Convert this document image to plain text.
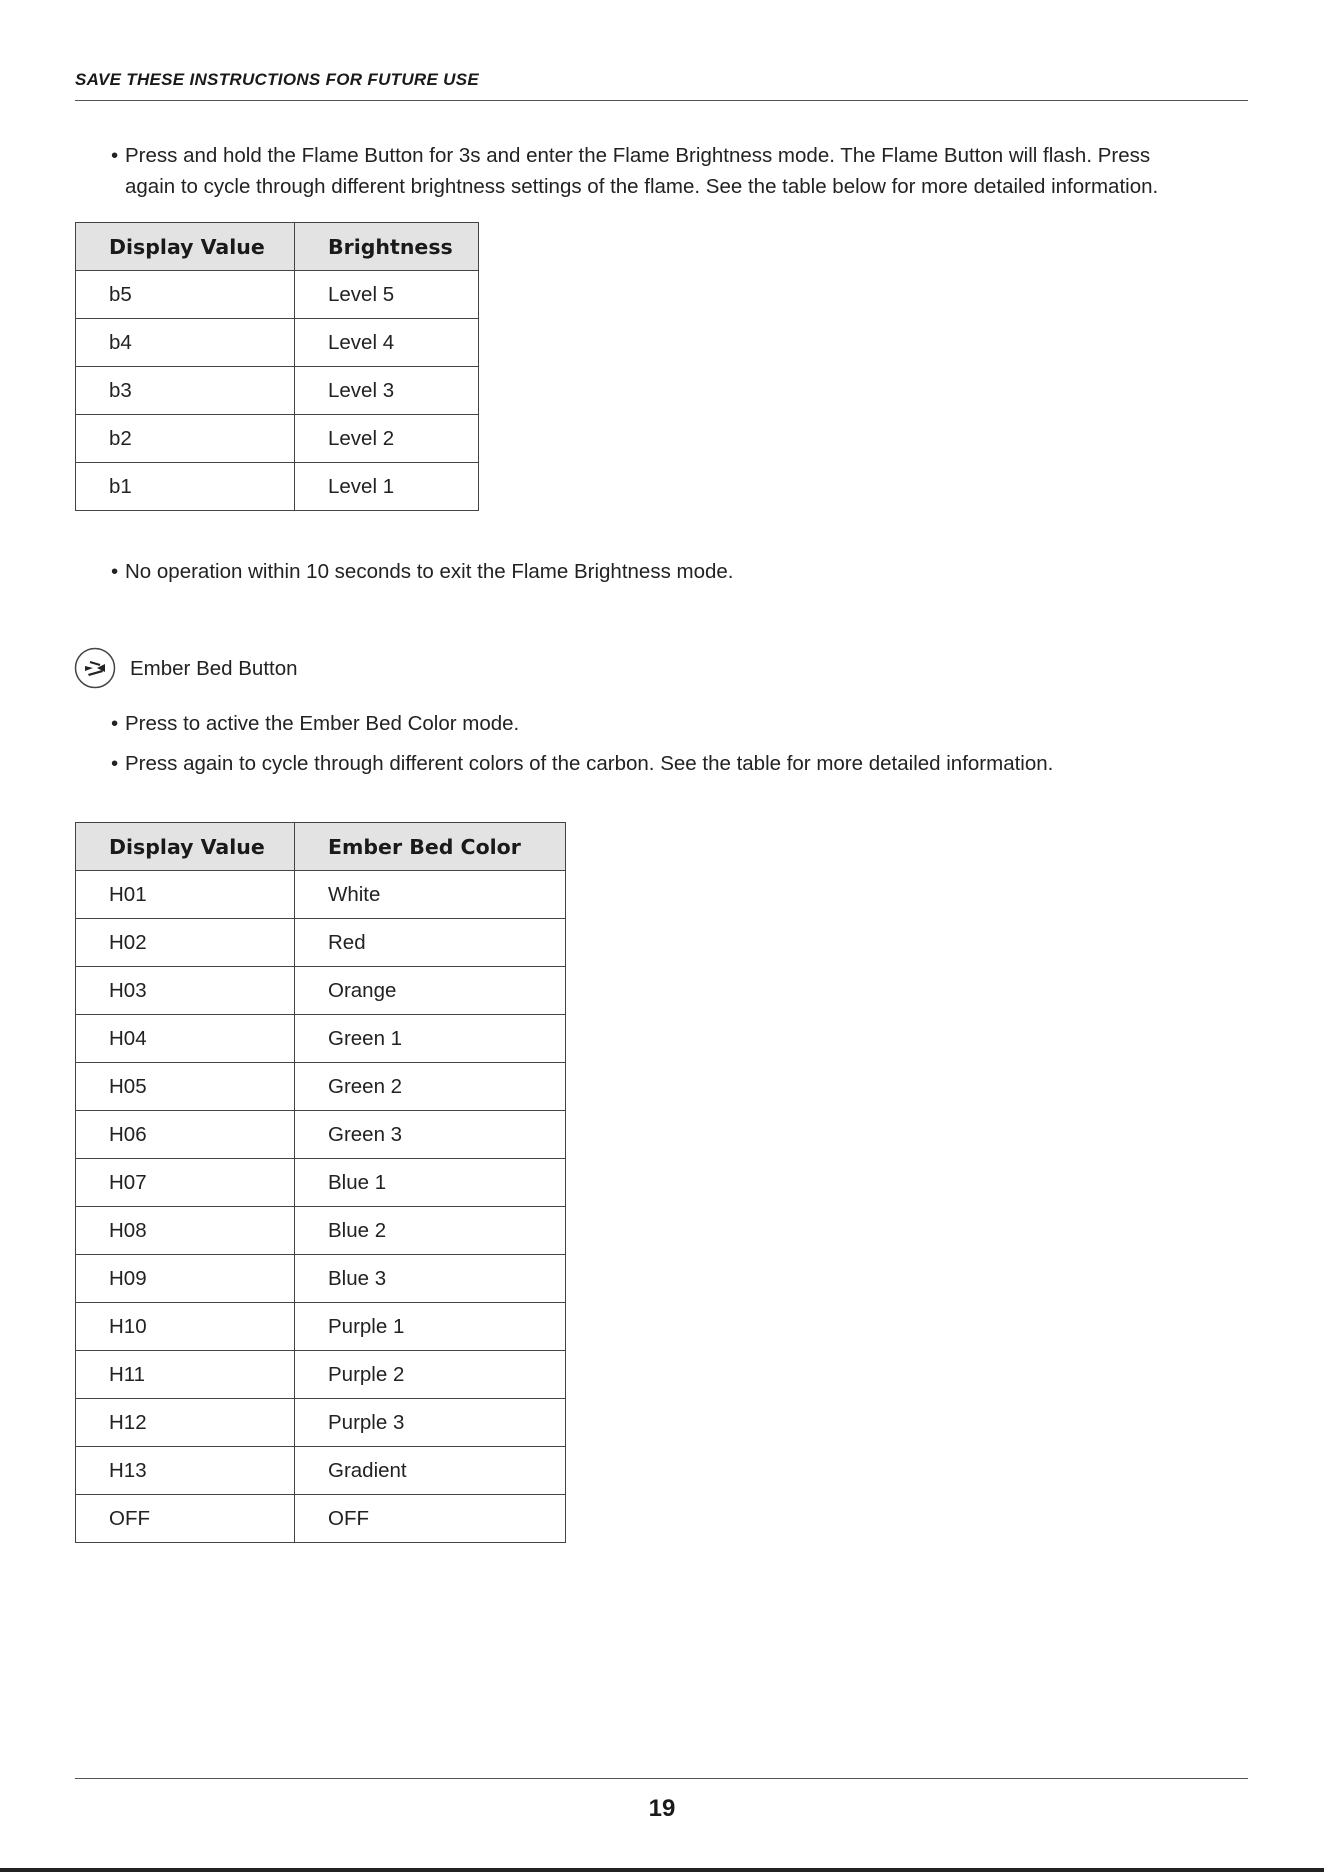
SAVE THESE INSTRUCTIONS FOR FUTURE USE
• Press and hold the Flame Button for 3s and enter the Flame Brightness mode. The Flame Button will flash. Press
again to cycle through different brightness settings of the flame. See the table below for more detailed information.
Display Value	Brightness
b5	Level 5
b4	Level 4
b3	Level 3
b2	Level 2
b1	Level 1
• No operation within 10 seconds to exit the Flame Brightness mode.
Ember Bed Button
• Press to active the Ember Bed Color mode.
• Press again to cycle through different colors of the carbon. See the table for more detailed information.
Display Value	Ember Bed Color
H01	White
H02	Red
H03	Orange
H04	Green 1
H05	Green 2
H06	Green 3
H07	Blue 1
H08	Blue 2
H09	Blue 3
H10	Purple 1
H11	Purple 2
H12	Purple 3
H13	Gradient
OFF	OFF
19
